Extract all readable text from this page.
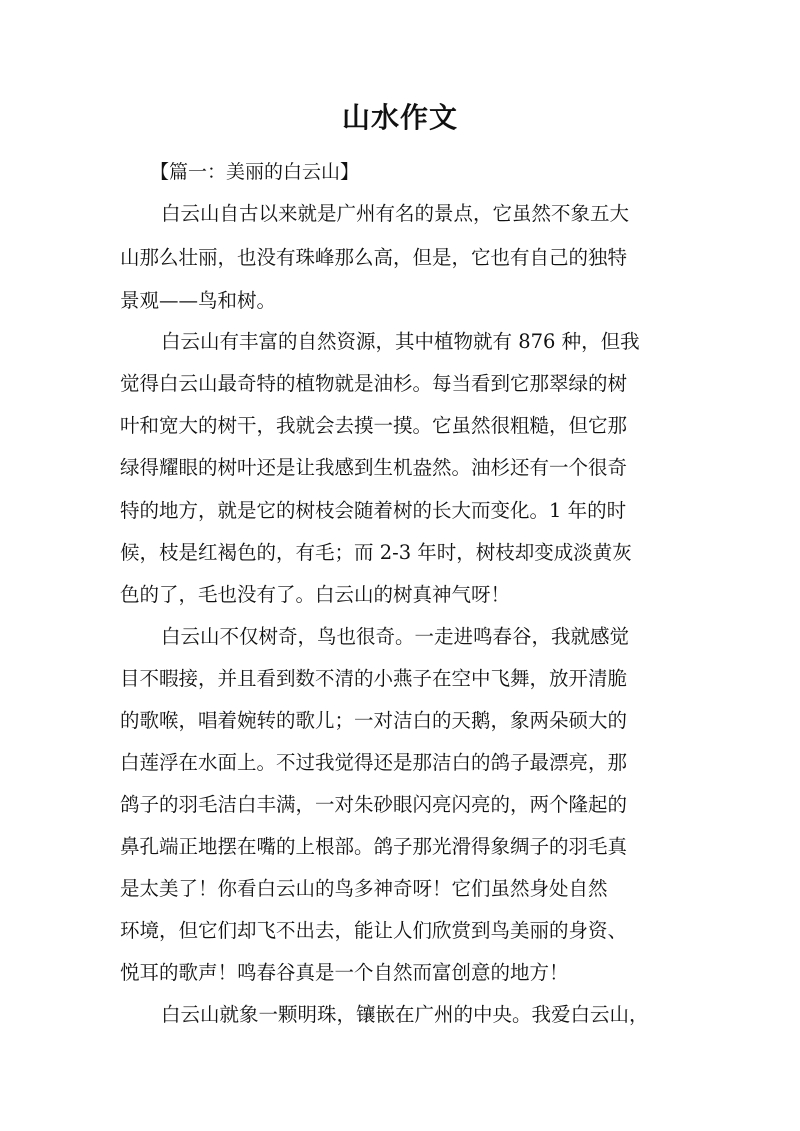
山水作文
【篇一：美丽的白云山】
白云山自古以来就是广州有名的景点，它虽然不象五大
山那么壮丽，也没有珠峰那么高，但是，它也有自己的独特
景观——鸟和树。
白云山有丰富的自然资源，其中植物就有 876 种，但我
觉得白云山最奇特的植物就是油杉。每当看到它那翠绿的树
叶和宽大的树干，我就会去摸一摸。它虽然很粗糙，但它那
绿得耀眼的树叶还是让我感到生机盎然。油杉还有一个很奇
特的地方，就是它的树枝会随着树的长大而变化。1 年的时
候，枝是红褐色的，有毛；而 2-3 年时，树枝却变成淡黄灰
色的了，毛也没有了。白云山的树真神气呀！
白云山不仅树奇，鸟也很奇。一走进鸣春谷，我就感觉
目不暇接，并且看到数不清的小燕子在空中飞舞，放开清脆
的歌喉，唱着婉转的歌儿；一对洁白的天鹅，象两朵硕大的
白莲浮在水面上。不过我觉得还是那洁白的鸽子最漂亮，那
鸽子的羽毛洁白丰满，一对朱砂眼闪亮闪亮的，两个隆起的
鼻孔端正地摆在嘴的上根部。鸽子那光滑得象绸子的羽毛真
是太美了！你看白云山的鸟多神奇呀！它们虽然身处自然
环境，但它们却飞不出去，能让人们欣赏到鸟美丽的身资、
悦耳的歌声！鸣春谷真是一个自然而富创意的地方！
白云山就象一颗明珠，镶嵌在广州的中央。我爱白云山，
